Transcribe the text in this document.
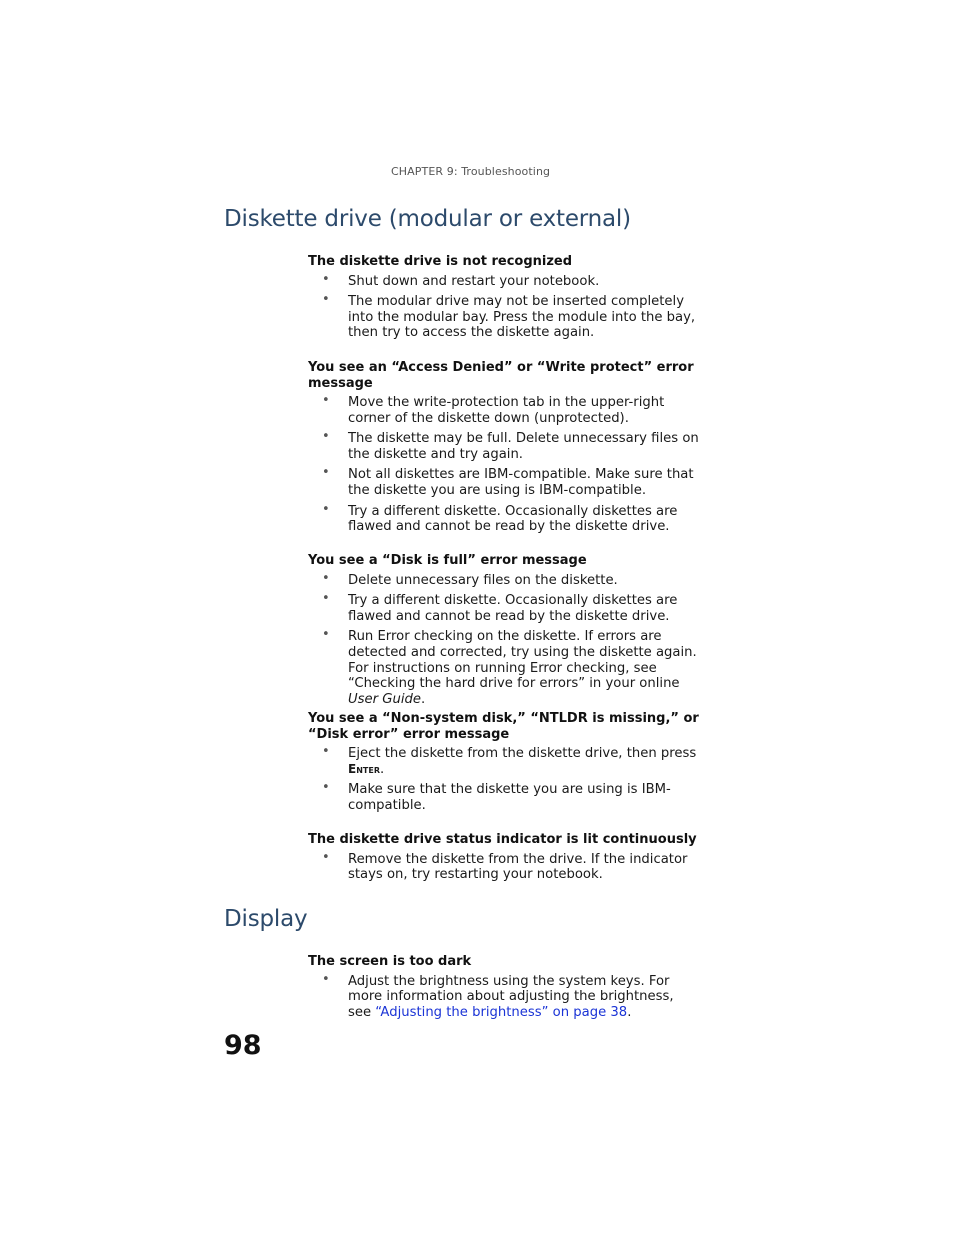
CHAPTER 9: Troubleshooting
Diskette drive (modular or external)
The diskette drive is not recognized
• Shut down and restart your notebook.
• The modular drive may not be inserted completely into the modular bay. Press the module into the bay, then try to access the diskette again.
You see an “Access Denied” or “Write protect” error message
• Move the write-protection tab in the upper-right corner of the diskette down (unprotected).
• The diskette may be full. Delete unnecessary files on the diskette and try again.
• Not all diskettes are IBM-compatible. Make sure that the diskette you are using is IBM-compatible.
• Try a different diskette. Occasionally diskettes are flawed and cannot be read by the diskette drive.
You see a “Disk is full” error message
• Delete unnecessary files on the diskette.
• Try a different diskette. Occasionally diskettes are flawed and cannot be read by the diskette drive.
• Run Error checking on the diskette. If errors are detected and corrected, try using the diskette again. For instructions on running Error checking, see “Checking the hard drive for errors” in your online User Guide.
You see a “Non-system disk,” “NTLDR is missing,” or “Disk error” error message
• Eject the diskette from the diskette drive, then press Enter.
• Make sure that the diskette you are using is IBM-compatible.
The diskette drive status indicator is lit continuously
• Remove the diskette from the drive. If the indicator stays on, try restarting your notebook.
Display
The screen is too dark
• Adjust the brightness using the system keys. For more information about adjusting the brightness, see “Adjusting the brightness” on page 38.
98
